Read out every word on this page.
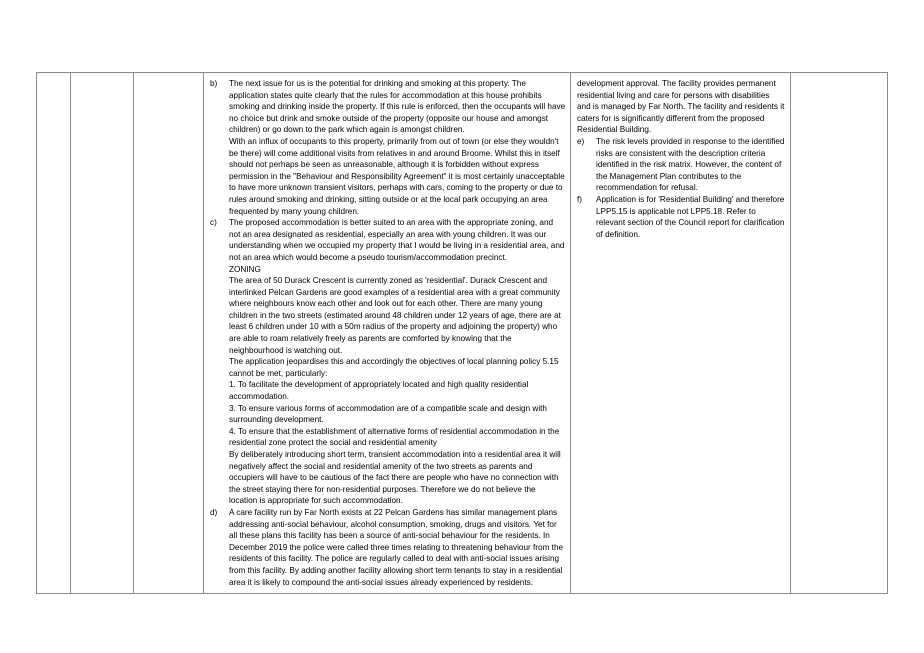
b)	The next issue for us is the potential for drinking and smoking at this property. The application states quite clearly that the rules for accommodation at this house prohibits smoking and drinking inside the property. If this rule is enforced, then the occupants will have no choice but drink and smoke outside of the property (opposite our house and amongst children) or go down to the park which again is amongst children.

With an influx of occupants to this property, primarily from out of town (or else they wouldn't be there) will come additional visits from relatives in and around Broome. Whilst this in itself should not perhaps be seen as unreasonable, although it is forbidden without express permission in the "Behaviour and Responsibility Agreement" it is most certainly unacceptable to have more unknown transient visitors, perhaps with cars, coming to the property or due to rules around smoking and drinking, sitting outside or at the local park occupying an area frequented by many young children.

c)	The proposed accommodation is better suited to an area with the appropriate zoning, and not an area designated as residential, especially an area with young children. It was our understanding when we occupied my property that I would be living in a residential area, and not an area which would become a pseudo tourism/accommodation precinct.

ZONING

The area of 50 Durack Crescent is currently zoned as 'residential'. Durack Crescent and interlinked Pelcan Gardens are good examples of a residential area with a great community where neighbours know each other and look out for each other. There are many young children in the two streets (estimated around 48 children under 12 years of age, there are at least 6 children under 10 with a 50m radius of the property and adjoining the property) who are able to roam relatively freely as parents are comforted by knowing that the neighbourhood is watching out.

The application jeopardises this and accordingly the objectives of local planning policy 5.15 cannot be met, particularly:

1. To facilitate the development of appropriately located and high quality residential accommodation.

3. To ensure various forms of accommodation are of a compatible scale and design with surrounding development.

4. To ensure that the establishment of alternative forms of residential accommodation in the residential zone protect the social and residential amenity

By deliberately introducing short term, transient accommodation into a residential area it will negatively affect the social and residential amenity of the two streets as parents and occupiers will have to be cautious of the fact there are people who have no connection with the street staying there for non-residential purposes. Therefore we do not believe the location is appropriate for such accommodation.

d)	A care facility run by Far North exists at 22 Pelcan Gardens has similar management plans addressing anti-social behaviour, alcohol consumption, smoking, drugs and visitors. Yet for all these plans this facility has been a source of anti-social behaviour for the residents. In December 2019 the police were called three times relating to threatening behaviour from the residents of this facility. The police are regularly called to deal with anti-social issues arising from this facility. By adding another facility allowing short term tenants to stay in a residential area it is likely to compound the anti-social issues already experienced by residents.

development approval. The facility provides permanent residential living and care for persons with disabilities and is managed by Far North. The facility and residents it caters for is significantly different from the proposed Residential Building.

e)	The risk levels provided in response to the identified risks are consistent with the description criteria identified in the risk matrix. However, the content of the Management Plan contributes to the recommendation for refusal.

f)	Application is for 'Residential Building' and therefore LPP5.15 is applicable not LPP5.18. Refer to relevant section of the Council report for clarification of definition.
